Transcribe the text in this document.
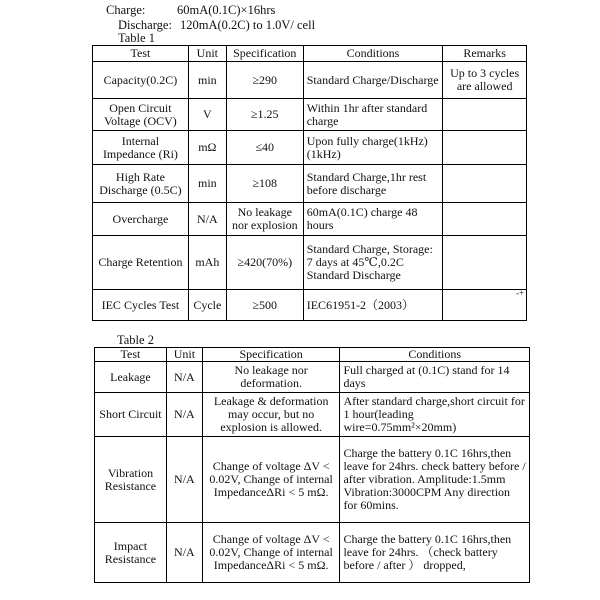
Charge:	60mA(0.1C)×16hrs
Discharge: 120mA(0.2C) to 1.0V/ cell
Table 1
Test	Unit	Specification	Conditions	Remarks
Capacity(0.2C)	min	≥290	Standard Charge/Discharge	Up to 3 cycles are allowed
Open Circuit Voltage (OCV)	V	≥1.25	Within 1hr after standard charge	
Internal Impedance (Ri)	mΩ	≤40	Upon fully charge(1kHz) (1kHz)	
High Rate Discharge (0.5C)	min	≥108	Standard Charge,1hr rest before discharge	
Overcharge	N/A	No leakage nor explosion	60mA(0.1C) charge 48 hours	
Charge Retention	mAh	≥420(70%)	Standard Charge, Storage: 7 days at 45℃,0.2C Standard Discharge	
IEC Cycles Test	Cycle	≥500	IEC61951-2（2003）	
-+
Table 2
Test	Unit	Specification	Conditions
Leakage	N/A	No leakage nor deformation.	Full charged at (0.1C) stand for 14 days
Short Circuit	N/A	Leakage & deformation may occur, but no explosion is allowed.	After standard charge,short circuit for 1 hour(leading wire=0.75mm²×20mm)
Vibration Resistance	N/A	Change of voltage ΔV < 0.02V, Change of internal ImpedanceΔRi < 5 mΩ.	Charge the battery 0.1C 16hrs,then leave for 24hrs. check battery before / after vibration. Amplitude:1.5mm Vibration:3000CPM Any direction for 60mins.
Impact Resistance	N/A	Change of voltage ΔV < 0.02V, Change of internal ImpedanceΔRi < 5 mΩ.	Charge the battery 0.1C 16hrs,then leave for 24hrs. （check battery before / after ） dropped,
